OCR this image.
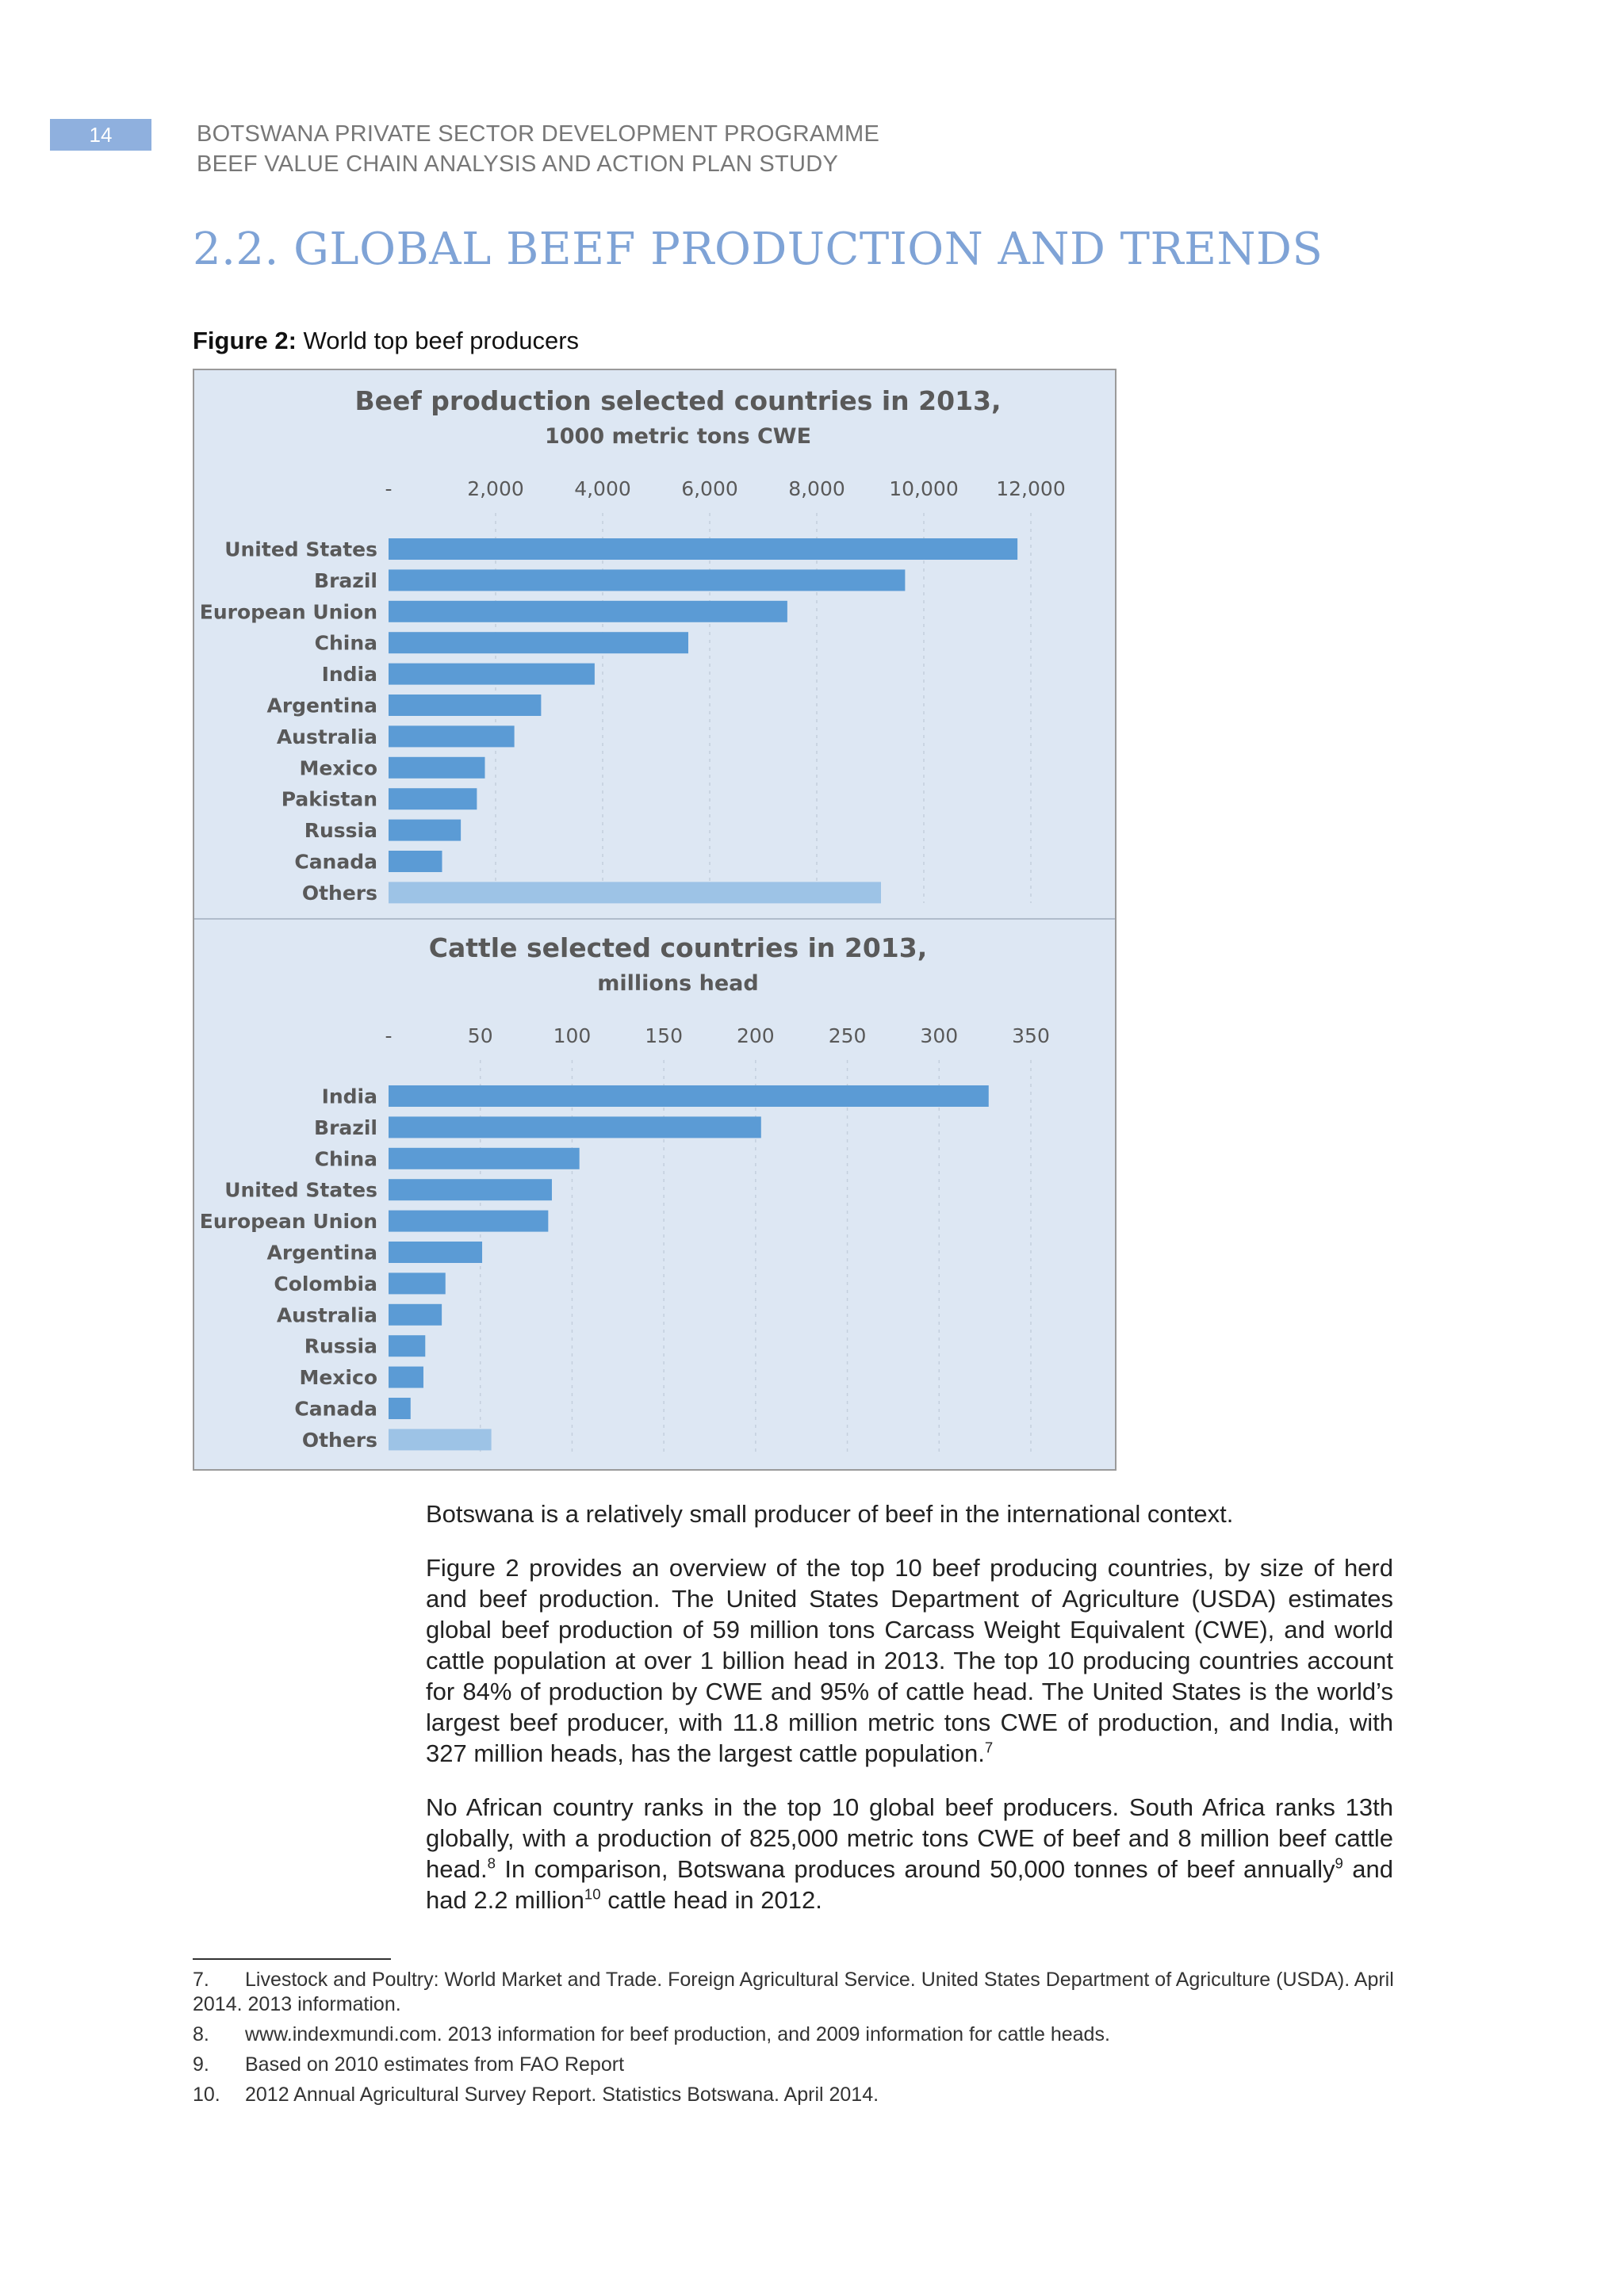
14	BOTSWANA PRIVATE SECTOR DEVELOPMENT PROGRAMME
BEEF VALUE CHAIN ANALYSIS AND ACTION PLAN STUDY
2.2. GLOBAL BEEF PRODUCTION AND TRENDS
Figure 2: World top beef producers
Beef production selected countries in 2013,
1000 metric tons CWE
-	2,000	4,000	6,000	8,000 10,000 12,000
United States
Brazil
European Union
China
India
Argentina
Australia
Mexico
Pakistan
Russia
Canada
Others
Cattle selected countries in 2013,
millions head
-	50	100	150	200	250	300	350
India
Brazil
China
United States
European Union
Argentina
Colombia
Australia
Russia
Mexico
Canada
Others

Botswana is a relatively small producer of beef in the international context.

Figure 2 provides an overview of the top 10 beef producing countries, by size of herd and beef production. The United States Department of Agriculture (USDA) estimates global beef production of 59 million tons Carcass Weight Equivalent (CWE), and world cattle population at over 1 billion head in 2013. The top 10 producing countries account for 84% of production by CWE and 95% of cattle head. The United States is the world’s largest beef producer, with 11.8 million metric tons CWE of production, and India, with 327 million heads, has the largest cattle population.$^7$

No African country ranks in the top 10 global beef producers. South Africa ranks 13th globally, with a production of 825,000 metric tons CWE of beef and 8 million beef cattle head.$^8$ In comparison, Botswana produces around 50,000 tonnes of beef annually$^9$ and had 2.2 million$^{10}$ cattle head in 2012.

7. Livestock and Poultry: World Market and Trade. Foreign Agricultural Service. United States Department of Agriculture (USDA). April 2014. 2013 information.
8. www.indexmundi.com. 2013 information for beef production, and 2009 information for cattle heads.
9. Based on 2010 estimates from FAO Report
10. 2012 Annual Agricultural Survey Report. Statistics Botswana. April 2014.
